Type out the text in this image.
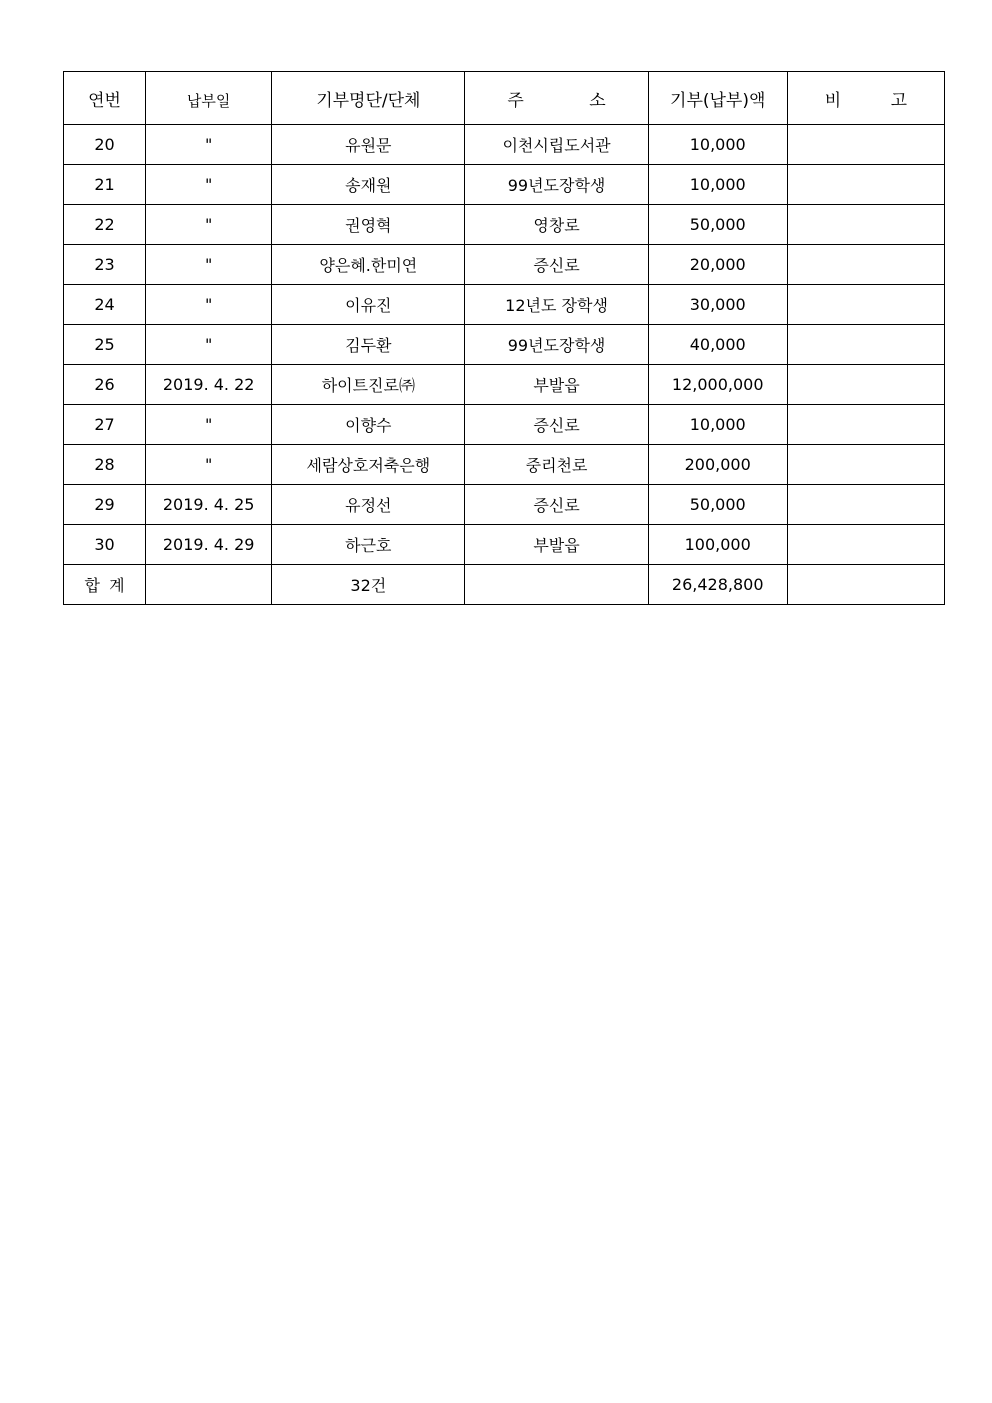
연번	납부일	기부명단/단체	주 소	기부(납부)액	비 고
20	"	유원문	이천시립도서관	10,000	
21	"	송재원	99년도장학생	10,000	
22	"	권영혁	영창로	50,000	
23	"	양은혜.한미연	증신로	20,000	
24	"	이유진	12년도 장학생	30,000	
25	"	김두환	99년도장학생	40,000	
26	2019. 4. 22	하이트진로㈜	부발읍	12,000,000	
27	"	이향수	증신로	10,000	
28	"	세람상호저축은행	중리천로	200,000	
29	2019. 4. 25	유정선	증신로	50,000	
30	2019. 4. 29	하근호	부발읍	100,000	
합 계		32건		26,428,800	
